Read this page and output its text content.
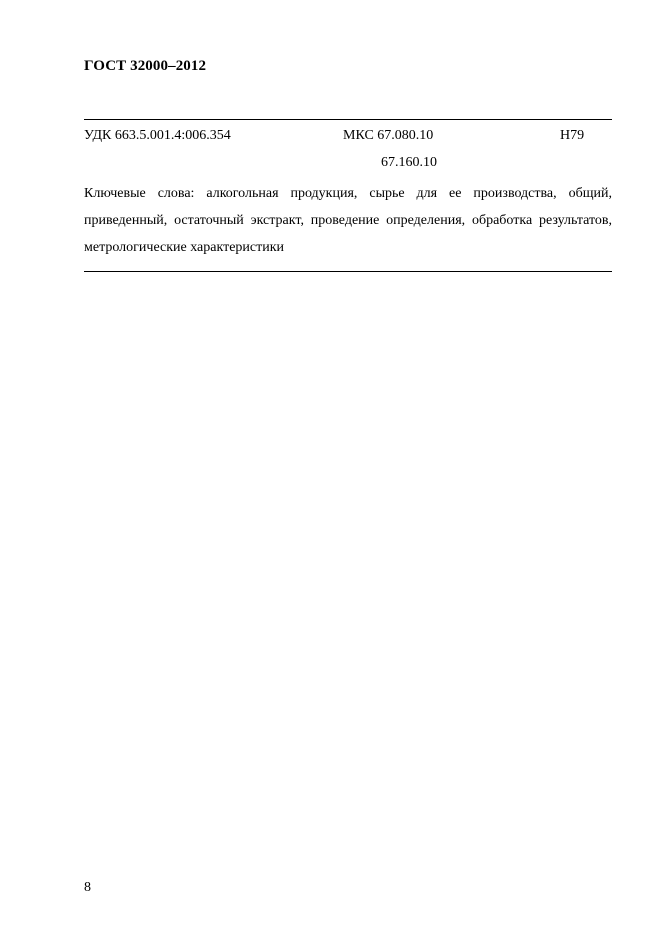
ГОСТ 32000–2012
УДК 663.5.001.4:006.354	МКС 67.080.10	Н79
67.160.10

Ключевые слова: алкогольная продукция, сырье для ее производства, общий, приведенный, остаточный экстракт, проведение определения, обработка результатов, метрологические характеристики

8
